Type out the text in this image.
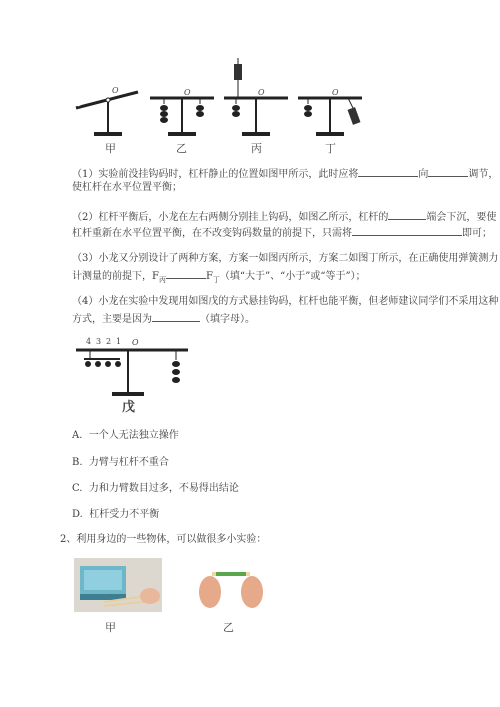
O	O	O	O
甲	乙	丙	丁
（1）实验前没挂钩码时，杠杆静止的位置如图甲所示，此时应将	向	调节，
使杠杆在水平位置平衡；
（2）杠杆平衡后，小龙在左右两侧分别挂上钩码，如图乙所示，杠杆的	端会下沉，要使
杠杆重新在水平位置平衡，在不改变钩码数量的前提下，只需将	即可；
（3）小龙又分别设计了两种方案，方案一如图丙所示，方案二如图丁所示，在正确使用弹簧测力
计测量的前提下，$F_丙$	$F_丁$（填“大于”、“小于”或“等于”）；
（4）小龙在实验中发现用如图戊的方式悬挂钩码，杠杆也能平衡，但老师建议同学们不采用这种
方式，主要是因为	（填字母）。
4 3 2 1 O
戊
A. 一个人无法独立操作
B. 力臂与杠杆不重合
C. 力和力臂数目过多，不易得出结论
D. 杠杆受力不平衡
2、利用身边的一些物体，可以做很多小实验：
甲	乙
